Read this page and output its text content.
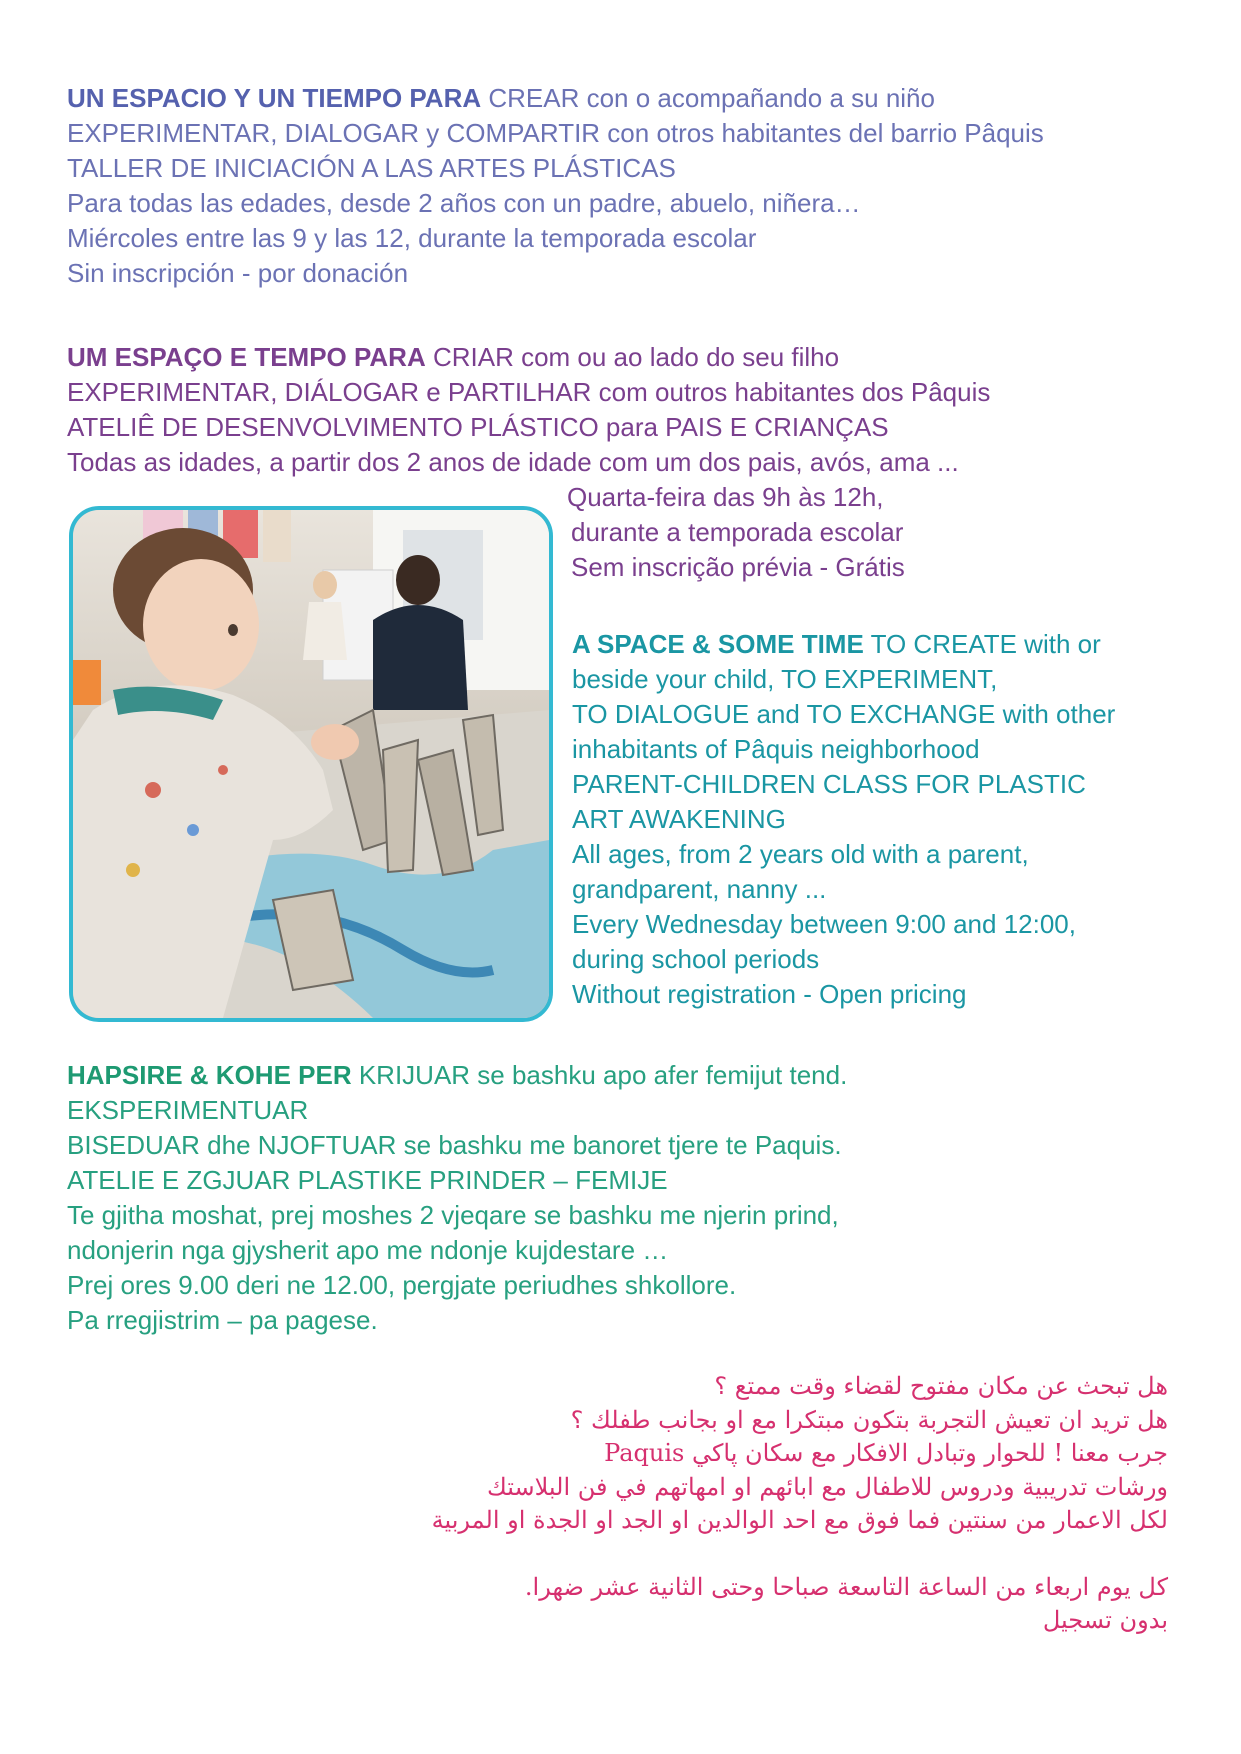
UN ESPACIO Y UN TIEMPO PARA CREAR con o acompañando a su niño
EXPERIMENTAR, DIALOGAR y COMPARTIR con otros habitantes del barrio Pâquis
TALLER DE INICIACIÓN A LAS ARTES PLÁSTICAS
Para todas las edades, desde 2 años con un padre, abuelo, niñera…
Miércoles entre las 9 y las 12, durante la temporada escolar
Sin inscripción - por donación
UM ESPAÇO E TEMPO PARA CRIAR com ou ao lado do seu filho
EXPERIMENTAR, DIÁLOGAR e PARTILHAR com outros habitantes dos Pâquis
ATELIÊ DE DESENVOLVIMENTO PLÁSTICO para PAIS E CRIANÇAS
Todas as idades, a partir dos 2 anos de idade com um dos pais, avós, ama ...
Quarta-feira das 9h às 12h,
durante a temporada escolar
Sem inscrição prévia - Grátis
A SPACE & SOME TIME TO CREATE with or
beside your child, TO EXPERIMENT,
TO DIALOGUE and TO EXCHANGE with other
inhabitants of Pâquis neighborhood
PARENT-CHILDREN CLASS FOR PLASTIC
ART AWAKENING
All ages, from 2 years old with a parent,
grandparent, nanny ...
Every Wednesday between 9:00 and 12:00,
during school periods
Without registration - Open pricing
HAPSIRE & KOHE PER KRIJUAR se bashku apo afer femijut tend.
EKSPERIMENTUAR
BISEDUAR dhe NJOFTUAR se bashku me banoret tjere te Paquis.
ATELIE E ZGJUAR PLASTIKE PRINDER – FEMIJE
Te gjitha moshat, prej moshes 2 vjeqare se bashku me njerin prind,
ndonjerin nga gjysherit apo me ndonje kujdestare …
Prej ores 9.00 deri ne 12.00, pergjate periudhes shkollore.
Pa rregjistrim – pa pagese.
هل تبحث عن مكان مفتوح لقضاء وقت ممتع ؟
هل تريد ان تعيش التجربة بتكون مبتكرا مع او بجانب طفلك ؟
جرب معنا ! للحوار وتبادل الافكار مع سكان پاكي Paquis
ورشات تدريبية ودروس للاطفال مع ابائهم او امهاتهم في فن البلاستك
لكل الاعمار من سنتين فما فوق مع احد الوالدين او الجد او الجدة او المربية
كل يوم اربعاء من الساعة التاسعة صباحا وحتى الثانية عشر ضهرا.
بدون تسجيل
